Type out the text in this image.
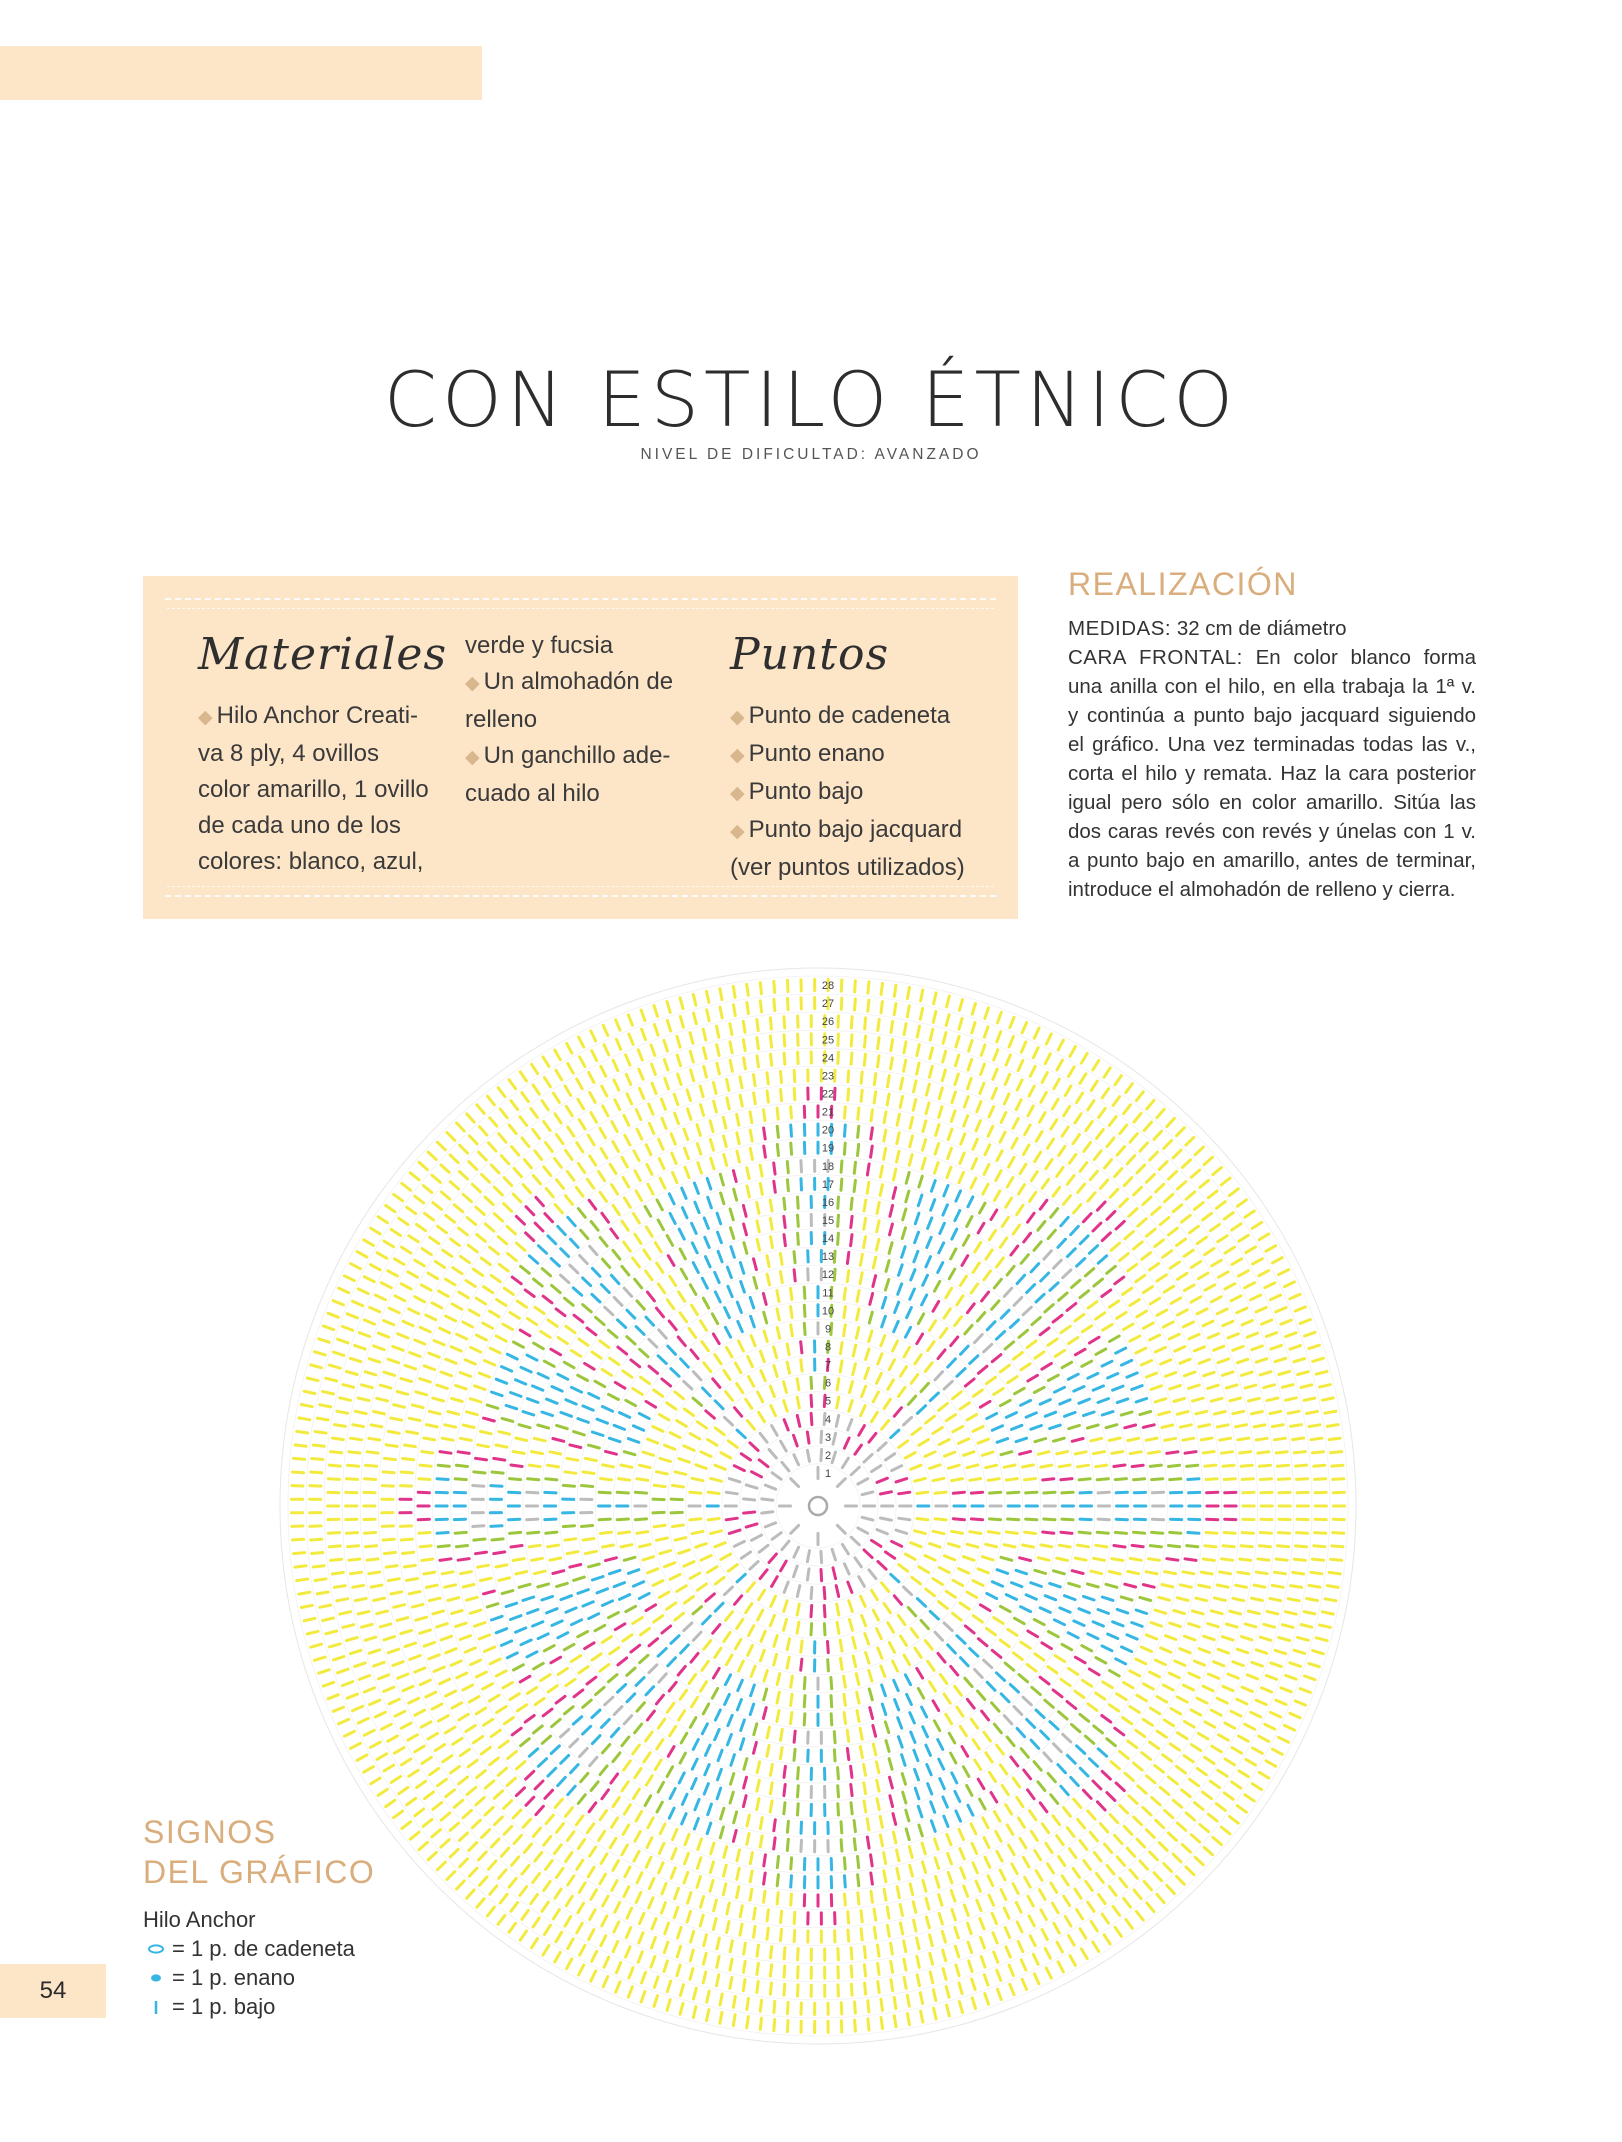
CON ESTILO ÉTNICO
NIVEL DE DIFICULTAD: AVANZADO
Materiales
◆ Hilo Anchor Creati-
va 8 ply, 4 ovillos
color amarillo, 1 ovillo
de cada uno de los
colores: blanco, azul,
verde y fucsia
◆ Un almohadón de
relleno
◆ Un ganchillo ade-
cuado al hilo
Puntos
◆ Punto de cadeneta
◆ Punto enano
◆ Punto bajo
◆ Punto bajo jacquard
(ver puntos utilizados)
REALIZACIÓN
MEDIDAS: 32 cm de diámetro
CARA FRONTAL: En color blanco forma una anilla con el hilo, en ella trabaja la 1ª v. y continúa a punto bajo jacquard siguiendo el gráfico. Una vez terminadas todas las v., corta el hilo y remata. Haz la cara posterior igual pero sólo en color amarillo. Sitúa las dos caras revés con revés y únelas con 1 v. a punto bajo en amarillo, antes de terminar, introduce el almohadón de relleno y cierra.
1
2
3
4
5
6
7
8
9
10
11
12
13
14
15
16
17
18
19
20
21
22
23
24
25
26
27
28
SIGNOS
DEL GRÁFICO
Hilo Anchor
= 1 p. de cadeneta
= 1 p. enano
= 1 p. bajo
54
